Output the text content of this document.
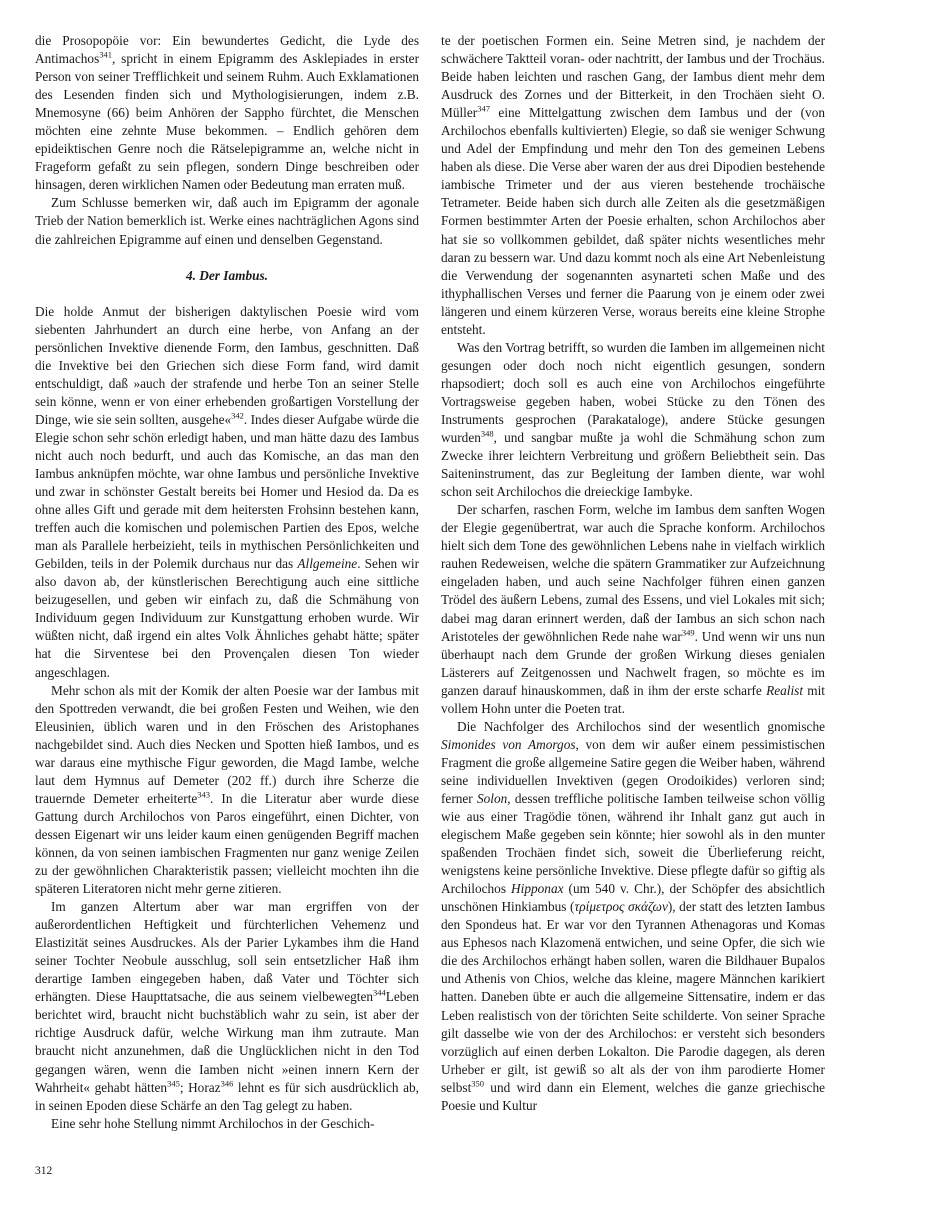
die Prosopopöie vor: Ein bewundertes Gedicht, die Lyde des Antimachos$^{341}$, spricht in einem Epigramm des Asklepiades in erster Person von seiner Trefflichkeit und seinem Ruhm. Auch Exklamationen des Lesenden finden sich und Mythologisierungen, indem z.B. Mnemosyne (66) beim Anhören der Sappho fürchtet, die Menschen möchten eine zehnte Muse bekommen. – Endlich gehören dem epideiktischen Genre noch die Rätselepigramme an, welche nicht in Frageform gefaßt zu sein pflegen, sondern Dinge beschreiben oder hinsagen, deren wirklichen Namen oder Bedeutung man erraten muß.

Zum Schlusse bemerken wir, daß auch im Epigramm der agonale Trieb der Nation bemerklich ist. Werke eines nachträglichen Agons sind die zahlreichen Epigramme auf einen und denselben Gegenstand.

4. Der Iambus.

Die holde Anmut der bisherigen daktylischen Poesie wird vom siebenten Jahrhundert an durch eine herbe, von Anfang an der persönlichen Invektive dienende Form, den Iambus, geschnitten. Daß die Invektive bei den Griechen sich diese Form fand, wird damit entschuldigt, daß »auch der strafende und herbe Ton an seiner Stelle sein könne, wenn er von einer erhebenden großartigen Vorstellung der Dinge, wie sie sein sollten, ausgehe«$^{342}$. Indes dieser Aufgabe würde die Elegie schon sehr schön erledigt haben, und man hätte dazu des Iambus nicht auch noch bedurft, und auch das Komische, an das man den Iambus anknüpfen möchte, war ohne Iambus und persönliche Invektive und zwar in schönster Gestalt bereits bei Homer und Hesiod da. Da es ohne alles Gift und gerade mit dem heitersten Frohsinn bestehen kann, treffen auch die komischen und polemischen Partien des Epos, welche man als Parallele herbeizieht, teils in mythischen Persönlichkeiten und Gebilden, teils in der Polemik durchaus nur das Allgemeine. Sehen wir also davon ab, der künstlerischen Berechtigung auch eine sittliche beizugesellen, und geben wir einfach zu, daß die Schmähung von Individuum gegen Individuum zur Kunstgattung erhoben wurde. Wir wüßten nicht, daß irgend ein altes Volk Ähnliches gehabt hätte; später hat die Sirventese bei den Provençalen diesen Ton wieder angeschlagen.

Mehr schon als mit der Komik der alten Poesie war der Iambus mit den Spottreden verwandt, die bei großen Festen und Weihen, wie den Eleusinien, üblich waren und in den Fröschen des Aristophanes nachgebildet sind. Auch dies Necken und Spotten hieß Iambos, und es war daraus eine mythische Figur geworden, die Magd Iambe, welche laut dem Hymnus auf Demeter (202 ff.) durch ihre Scherze die trauernde Demeter erheiterte$^{343}$. In die Literatur aber wurde diese Gattung durch Archilochos von Paros eingeführt, einen Dichter, von dessen Eigenart wir uns leider kaum einen genügenden Begriff machen können, da von seinen iambischen Fragmenten nur ganz wenige Zeilen zu der gewöhnlichen Charakteristik passen; vielleicht mochten ihn die späteren Literatoren nicht mehr gerne zitieren.

Im ganzen Altertum aber war man ergriffen von der außerordentlichen Heftigkeit und fürchterlichen Vehemenz und Elastizität seines Ausdruckes. Als der Parier Lykambes ihm die Hand seiner Tochter Neobule ausschlug, soll sein entsetzlicher Haß ihm derartige Iamben eingegeben haben, daß Vater und Töchter sich erhängten. Diese Haupttatsache, die aus seinem vielbewegten$^{344}$Leben berichtet wird, braucht nicht buchstäblich wahr zu sein, ist aber der richtige Ausdruck dafür, welche Wirkung man ihm zutraute. Man braucht nicht anzunehmen, daß die Unglücklichen nicht in den Tod gegangen wären, wenn die Iamben nicht »einen innern Kern der Wahrheit« gehabt hätten$^{345}$; Horaz$^{346}$ lehnt es für sich ausdrücklich ab, in seinen Epoden diese Schärfe an den Tag gelegt zu haben.

Eine sehr hohe Stellung nimmt Archilochos in der Geschich-

te der poetischen Formen ein. Seine Metren sind, je nachdem der schwächere Taktteil voran- oder nachtritt, der Iambus und der Trochäus. Beide haben leichten und raschen Gang, der Iambus dient mehr dem Ausdruck des Zornes und der Bitterkeit, in den Trochäen sieht O. Müller$^{347}$ eine Mittelgattung zwischen dem Iambus und der (von Archilochos ebenfalls kultivierten) Elegie, so daß sie weniger Schwung und Adel der Empfindung und mehr den Ton des gemeinen Lebens haben als diese. Die Verse aber waren der aus drei Dipodien bestehende iambische Trimeter und der aus vieren bestehende trochäische Tetrameter. Beide haben sich durch alle Zeiten als die gesetzmäßigen Formen bestimmter Arten der Poesie erhalten, schon Archilochos aber hat sie so vollkommen gebildet, daß später nichts wesentliches mehr daran zu bessern war. Und dazu kommt noch als eine Art Nebenleistung die Verwendung der sogenannten asynarteti schen Maße und des ithyphallischen Verses und ferner die Paarung von je einem oder zwei längeren und einem kürzeren Verse, woraus bereits eine kleine Strophe entsteht.

Was den Vortrag betrifft, so wurden die Iamben im allgemeinen nicht gesungen oder doch noch nicht eigentlich gesungen, sondern rhapsodiert; doch soll es auch eine von Archilochos eingeführte Vortragsweise gegeben haben, wobei Stücke zu den Tönen des Instruments gesprochen (Parakataloge), andere Stücke gesungen wurden$^{348}$, und sangbar mußte ja wohl die Schmähung schon zum Zwecke ihrer leichtern Verbreitung und größern Beliebtheit sein. Das Saiteninstrument, das zur Begleitung der Iamben diente, war wohl schon seit Archilochos die dreieckige Iambyke.

Der scharfen, raschen Form, welche im Iambus dem sanften Wogen der Elegie gegenübertrat, war auch die Sprache konform. Archilochos hielt sich dem Tone des gewöhnlichen Lebens nahe in vielfach wirklich rauhen Redeweisen, welche die spätern Grammatiker zur Aufzeichnung eingeladen haben, und auch seine Nachfolger führen einen ganzen Trödel des äußern Lebens, zumal des Essens, und viel Lokales mit sich; dabei mag daran erinnert werden, daß der Iambus an sich schon nach Aristoteles der gewöhnlichen Rede nahe war$^{349}$. Und wenn wir uns nun überhaupt nach dem Grunde der großen Wirkung dieses genialen Lästerers auf Zeitgenossen und Nachwelt fragen, so möchte es im ganzen darauf hinauskommen, daß in ihm der erste scharfe Realist mit vollem Hohn unter die Poeten trat.

Die Nachfolger des Archilochos sind der wesentlich gnomische Simonides von Amorgos, von dem wir außer einem pessimistischen Fragment die große allgemeine Satire gegen die Weiber haben, während seine individuellen Invektiven (gegen Orodoikides) verloren sind; ferner Solon, dessen treffliche politische Iamben teilweise schon völlig wie aus einer Tragödie tönen, während ihr Inhalt ganz gut auch in elegischem Maße gegeben sein könnte; hier sowohl als in den munter spaßenden Trochäen findet sich, soweit die Überlieferung reicht, wenigstens keine persönliche Invektive. Diese pflegte dafür so giftig als Archilochos Hipponax (um 540 v. Chr.), der Schöpfer des absichtlich unschönen Hinkiambus (τρίμετρος σκάζων), der statt des letzten Iambus den Spondeus hat. Er war vor den Tyrannen Athenagoras und Komas aus Ephesos nach Klazomenä entwichen, und seine Opfer, die sich wie die des Archilochos erhängt haben sollen, waren die Bildhauer Bupalos und Athenis von Chios, welche das kleine, magere Männchen karikiert hatten. Daneben übte er auch die allgemeine Sittensatire, indem er das Leben realistisch von der törichten Seite schilderte. Von seiner Sprache gilt dasselbe wie von der des Archilochos: er versteht sich besonders vorzüglich auf einen derben Lokalton. Die Parodie dagegen, als deren Urheber er gilt, ist gewiß so alt als der von ihm parodierte Homer selbst$^{350}$ und wird dann ein Element, welches die ganze griechische Poesie und Kultur

312
